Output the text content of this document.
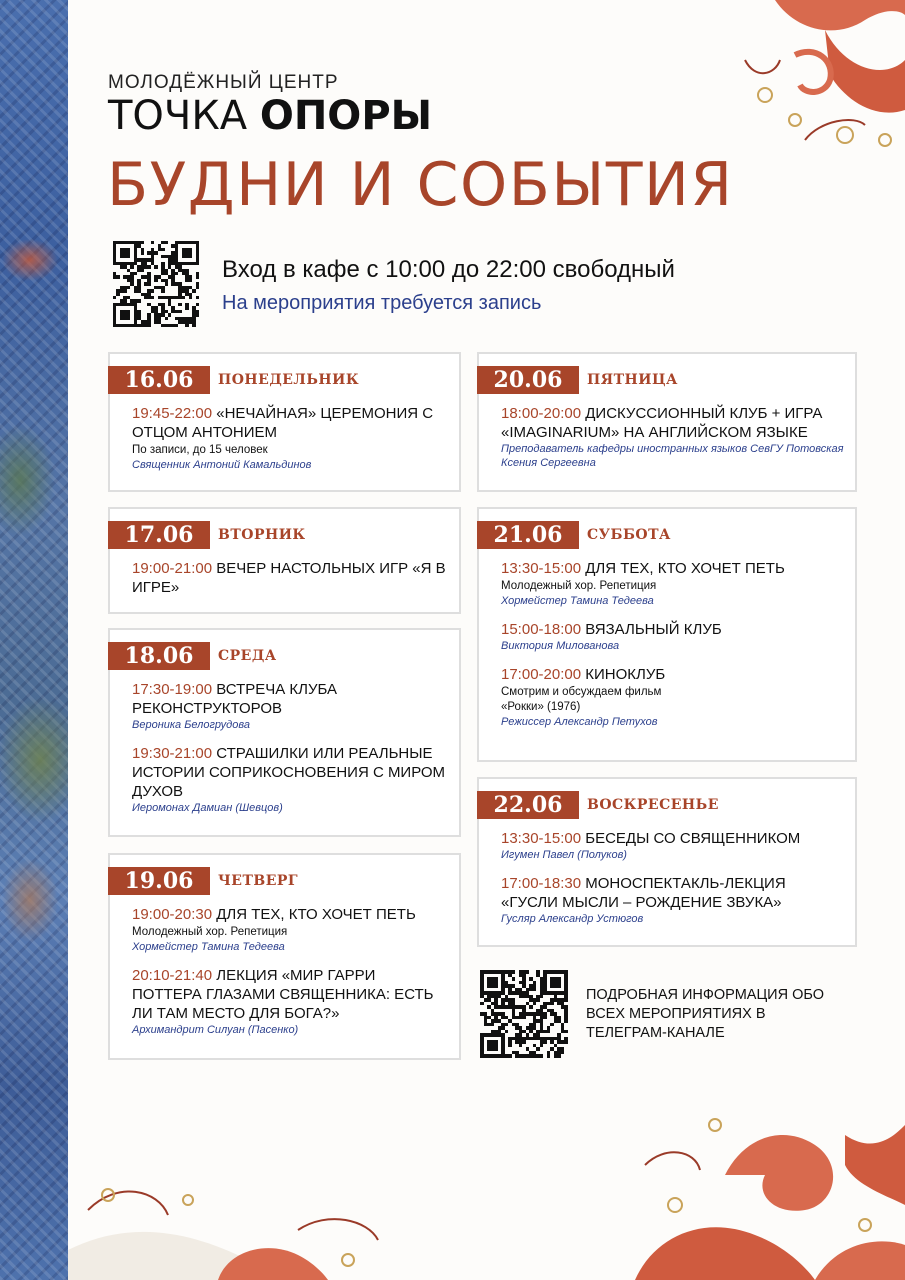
МОЛОДЁЖНЫЙ ЦЕНТР
ТОЧКА ОПОРЫ
БУДНИ И СОБЫТИЯ
Вход в кафе с 10:00 до 22:00 свободный
На мероприятия требуется запись
16.06	ПОНЕДЕЛЬНИК
19:45-22:00 «НЕЧАЙНАЯ» ЦЕРЕМОНИЯ С ОТЦОМ АНТОНИЕМ
По записи, до 15 человек
Священник Антоний Камальдинов
17.06	ВТОРНИК
19:00-21:00 ВЕЧЕР НАСТОЛЬНЫХ ИГР «Я В ИГРЕ»
18.06	СРЕДА
17:30-19:00 ВСТРЕЧА КЛУБА РЕКОНСТРУКТОРОВ
Вероника Белогрудова
19:30-21:00 СТРАШИЛКИ ИЛИ РЕАЛЬНЫЕ ИСТОРИИ СОПРИКОСНОВЕНИЯ С МИРОМ ДУХОВ
Иеромонах Дамиан (Шевцов)
19.06	ЧЕТВЕРГ
19:00-20:30 ДЛЯ ТЕХ, КТО ХОЧЕТ ПЕТЬ
Молодежный хор. Репетиция
Хормейстер Тамина Тедеева
20:10-21:40 ЛЕКЦИЯ «МИР ГАРРИ ПОТТЕРА ГЛАЗАМИ СВЯЩЕННИКА: ЕСТЬ ЛИ ТАМ МЕСТО ДЛЯ БОГА?»
Архимандрит Силуан (Пасенко)
20.06	ПЯТНИЦА
18:00-20:00 ДИСКУССИОННЫЙ КЛУБ + ИГРА «IMAGINARIUM» НА АНГЛИЙСКОМ ЯЗЫКЕ
Преподаватель кафедры иностранных языков СевГУ Потовская Ксения Сергеевна
21.06	СУББОТА
13:30-15:00 ДЛЯ ТЕХ, КТО ХОЧЕТ ПЕТЬ
Молодежный хор. Репетиция
Хормейстер Тамина Тедеева
15:00-18:00 ВЯЗАЛЬНЫЙ КЛУБ
Виктория Милованова
17:00-20:00 КИНОКЛУБ
Смотрим и обсуждаем фильм «Рокки» (1976)
Режиссер Александр Петухов
22.06	ВОСКРЕСЕНЬЕ
13:30-15:00 БЕСЕДЫ СО СВЯЩЕННИКОМ
Игумен Павел (Полуков)
17:00-18:30 МОНОСПЕКТАКЛЬ-ЛЕКЦИЯ «ГУСЛИ МЫСЛИ – РОЖДЕНИЕ ЗВУКА»
Гусляр Александр Устюгов
ПОДРОБНАЯ ИНФОРМАЦИЯ ОБО ВСЕХ МЕРОПРИЯТИЯХ В ТЕЛЕГРАМ-КАНАЛЕ
